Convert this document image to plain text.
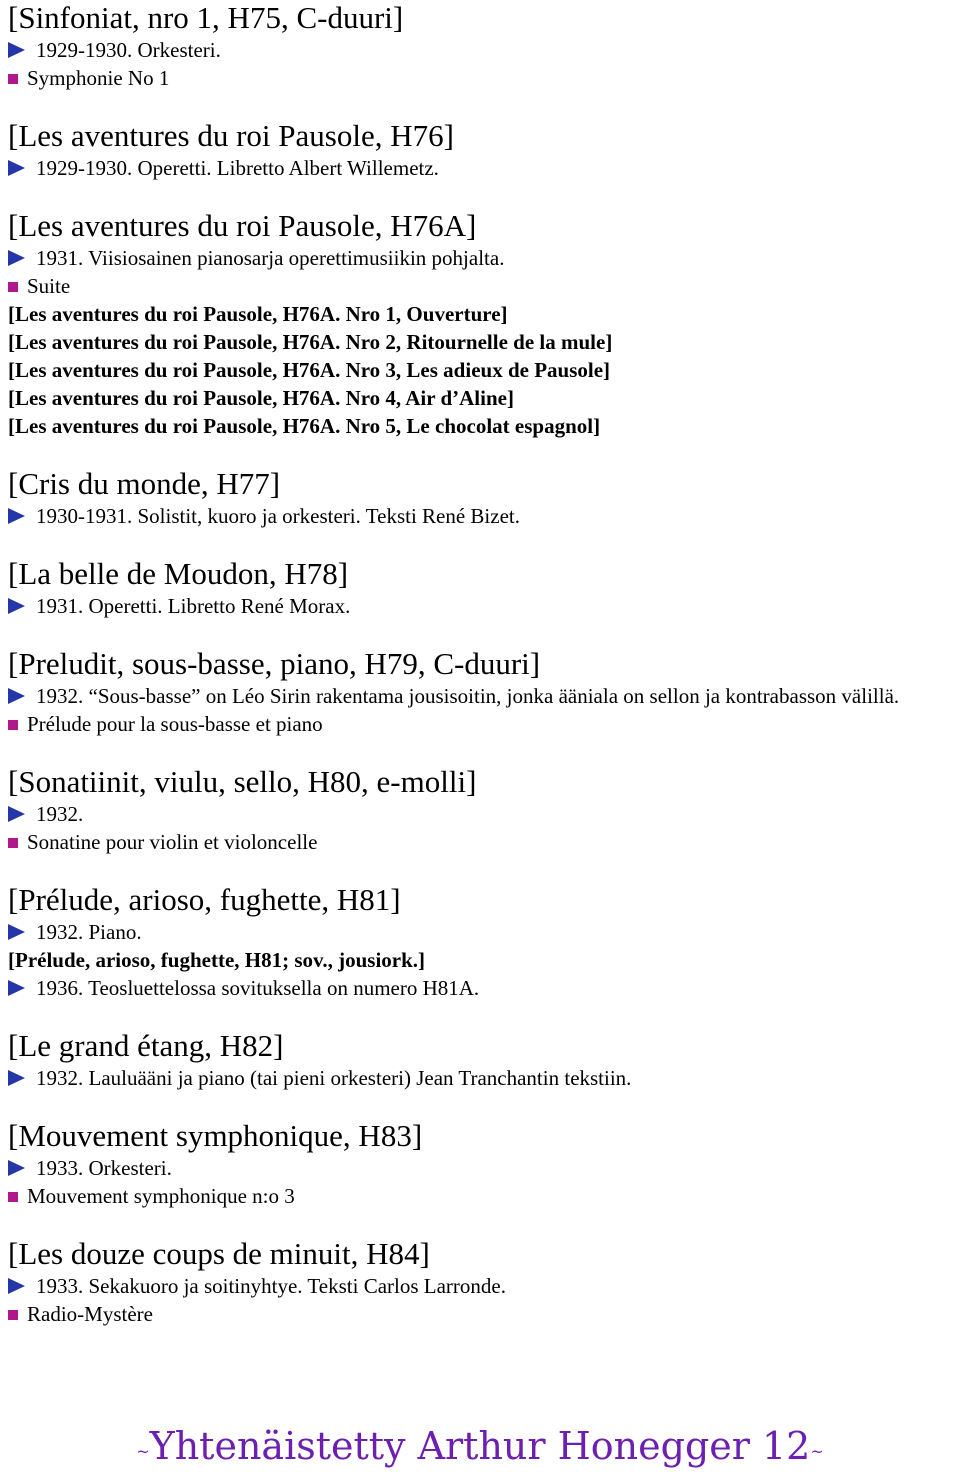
[Sinfoniat, nro 1, H75, C-duuri]
1929-1930. Orkesteri.
Symphonie No 1
[Les aventures du roi Pausole, H76]
1929-1930. Operetti. Libretto Albert Willemetz.
[Les aventures du roi Pausole, H76A]
1931. Viisiosainen pianosarja operettimusiikin pohjalta.
Suite
[Les aventures du roi Pausole, H76A. Nro 1, Ouverture]
[Les aventures du roi Pausole, H76A. Nro 2, Ritournelle de la mule]
[Les aventures du roi Pausole, H76A. Nro 3, Les adieux de Pausole]
[Les aventures du roi Pausole, H76A. Nro 4, Air d’Aline]
[Les aventures du roi Pausole, H76A. Nro 5, Le chocolat espagnol]
[Cris du monde, H77]
1930-1931. Solistit, kuoro ja orkesteri. Teksti René Bizet.
[La belle de Moudon, H78]
1931. Operetti. Libretto René Morax.
[Preludit, sous-basse, piano, H79, C-duuri]
1932. “Sous-basse” on Léo Sirin rakentama jousisoitin, jonka ääniala on sellon ja kontrabasson välillä.
Prélude pour la sous-basse et piano
[Sonatiinit, viulu, sello, H80, e-molli]
1932.
Sonatine pour violin et violoncelle
[Prélude, arioso, fughette, H81]
1932. Piano.
[Prélude, arioso, fughette, H81; sov., jousiork.]
1936. Teosluettelossa sovituksella on numero H81A.
[Le grand étang, H82]
1932. Lauluääni ja piano (tai pieni orkesteri) Jean Tranchantin tekstiin.
[Mouvement symphonique, H83]
1933. Orkesteri.
Mouvement symphonique n:o 3
[Les douze coups de minuit, H84]
1933. Sekakuoro ja soitinyhtye. Teksti Carlos Larronde.
Radio-Mystère
~Yhtenäistetty Arthur Honegger 12~
